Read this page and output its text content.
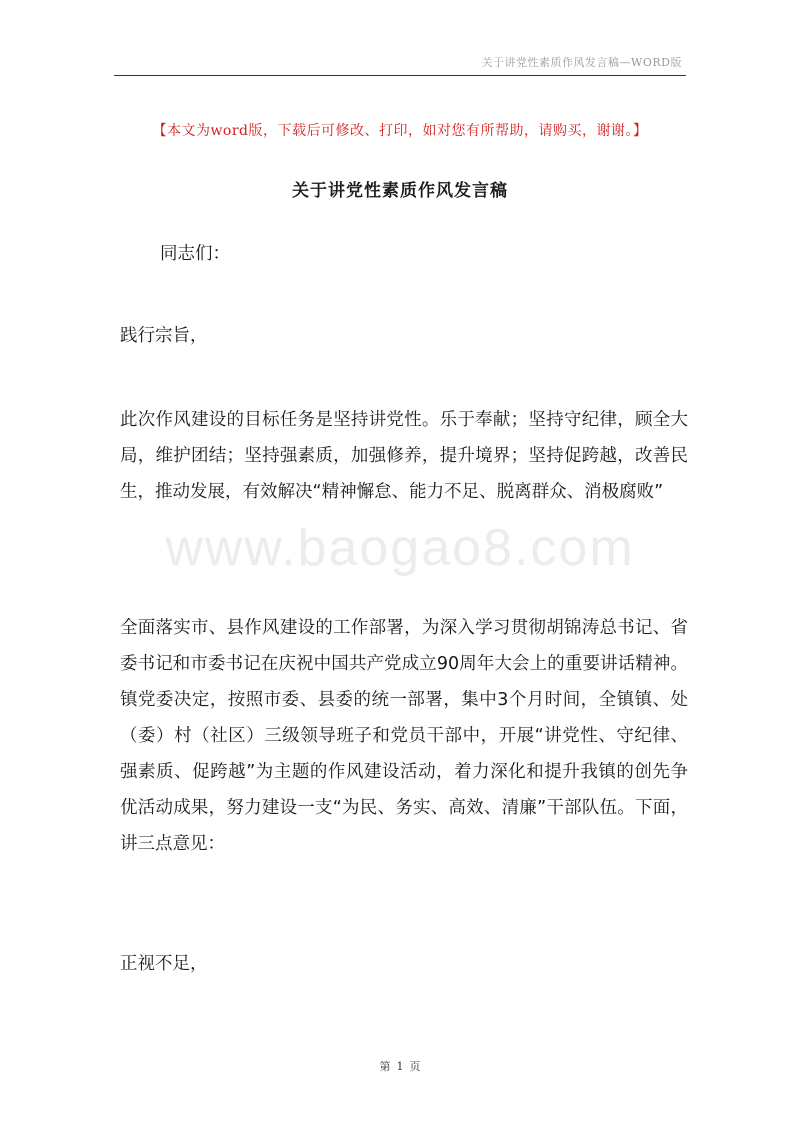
关于讲党性素质作风发言稿—WORD版
【本文为word版，下载后可修改、打印，如对您有所帮助，请购买，谢谢。】
关于讲党性素质作风发言稿
同志们：
践行宗旨，
此次作风建设的目标任务是坚持讲党性。乐于奉献；坚持守纪律，顾全大局，维护团结；坚持强素质，加强修养，提升境界；坚持促跨越，改善民生，推动发展，有效解决“精神懈怠、能力不足、脱离群众、消极腐败”
www.baogao8.com
全面落实市、县作风建设的工作部署，为深入学习贯彻胡锦涛总书记、省委书记和市委书记在庆祝中国共产党成立90周年大会上的重要讲话精神。镇党委决定，按照市委、县委的统一部署，集中3个月时间，全镇镇、处（委）村（社区）三级领导班子和党员干部中，开展“讲党性、守纪律、强素质、促跨越”为主题的作风建设活动，着力深化和提升我镇的创先争优活动成果，努力建设一支“为民、务实、高效、清廉”干部队伍。下面，讲三点意见：
正视不足，
第 1 页
